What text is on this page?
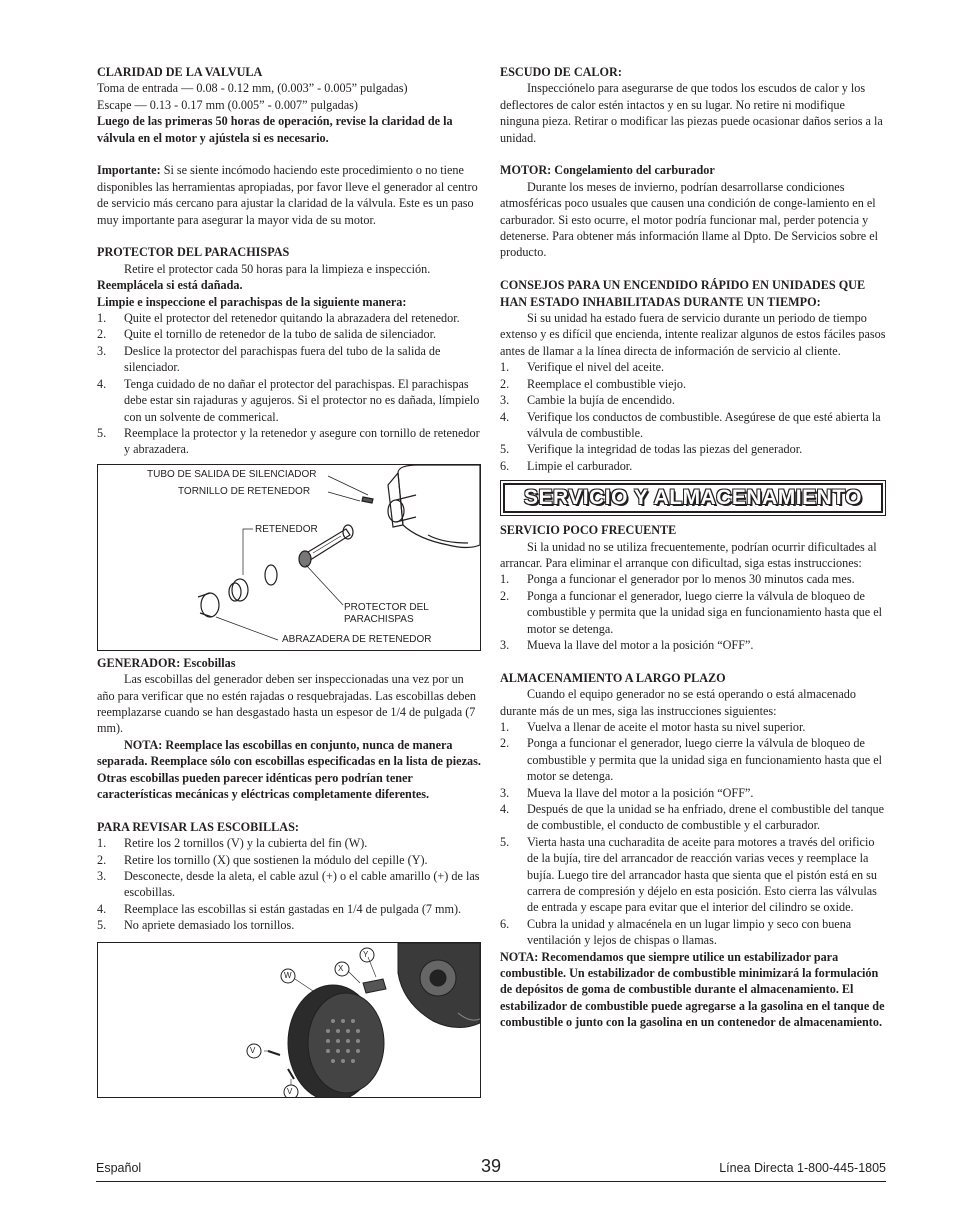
CLARIDAD DE LA VALVULA

Toma de entrada — 0.08 - 0.12 mm, (0.003” - 0.005” pulgadas)

Escape — 0.13 - 0.17 mm (0.005” - 0.007” pulgadas)

Luego de las primeras 50 horas de operación, revise la claridad de la válvula en el motor y ajústela si es necesario.

Importante: Si se siente incómodo haciendo este procedimiento o no tiene disponibles las herramientas apropiadas, por favor lleve el generador al centro de servicio más cercano para ajustar la claridad de la válvula. Este es un paso muy importante para asegurar la mayor vida de su motor.

PROTECTOR DEL PARACHISPAS

Retire el protector cada 50 horas para la limpieza e inspección.

Reemplácela si está dañada.

Limpie e inspeccione el parachispas de la siguiente manera:

1. Quite el protector del retenedor quitando la abrazadera del retenedor.
2. Quite el tornillo de retenedor de la tubo de salida de silenciador.
3. Deslice la protector del parachispas fuera del tubo de la salida de silenciador.
4. Tenga cuidado de no dañar el protector del parachispas. El parachispas debe estar sin rajaduras y agujeros. Si el protector no es dañada, límpielo con un solvente de commerical.
5. Reemplace la protector y la retenedor y asegure con tornillo de retenedor y abrazadera.
TUBO DE SALIDA DE SILENCIADOR
TORNILLO DE RETENEDOR
RETENEDOR
PROTECTOR DEL
PARACHISPAS
ABRAZADERA DE RETENEDOR

GENERADOR: Escobillas

Las escobillas del generador deben ser inspeccionadas una vez por un año para verificar que no estén rajadas o resquebrajadas. Las escobillas deben reemplazarse cuando se han desgastado hasta un espesor de 1/4 de pulgada (7 mm).

NOTA: Reemplace las escobillas en conjunto, nunca de manera separada. Reemplace sólo con escobillas especificadas en la lista de piezas. Otras escobillas pueden parecer idénticas pero podrían tener características mecánicas y eléctricas completamente diferentes.

PARA REVISAR LAS ESCOBILLAS:

1. Retire los 2 tornillos (V) y la cubierta del fin (W).
2. Retire los tornillo (X) que sostienen la módulo del cepille (Y).
3. Desconecte, desde la aleta, el cable azul (+) o el cable amarillo (+) de las escobillas.
4. Reemplace las escobillas si están gastadas en 1/4 de pulgada (7 mm).
5. No apriete demasiado los tornillos.
W
X
Y
V
V

ESCUDO DE CALOR:

Inspecciónelo para asegurarse de que todos los escudos de calor y los deflectores de calor estén intactos y en su lugar. No retire ni modifique ninguna pieza. Retirar o modificar las piezas puede ocasionar daños serios a la unidad.

MOTOR: Congelamiento del carburador

Durante los meses de invierno, podrían desarrollarse condiciones atmosféricas poco usuales que causen una condición de conge-lamiento en el carburador. Si esto ocurre, el motor podría funcionar mal, perder potencia y detenerse. Para obtener más información llame al Dpto. De Servicios sobre el producto.

CONSEJOS PARA UN ENCENDIDO RÁPIDO EN UNIDADES QUE HAN ESTADO INHABILITADAS DURANTE UN TIEMPO:

Si su unidad ha estado fuera de servicio durante un periodo de tiempo extenso y es difícil que encienda, intente realizar algunos de estos fáciles pasos antes de llamar a la línea directa de información de servicio al cliente.

1. Verifique el nivel del aceite.
2. Reemplace el combustible viejo.
3. Cambie la bujía de encendido.
4. Verifique los conductos de combustible. Asegúrese de que esté abierta la válvula de combustible.
5. Verifique la integridad de todas las piezas del generador.
6. Limpie el carburador.
SERVICIO Y ALMACENAMIENTO

SERVICIO POCO FRECUENTE

Si la unidad no se utiliza frecuentemente, podrían ocurrir dificultades al arrancar. Para eliminar el arranque con dificultad, siga estas instrucciones:

1. Ponga a funcionar el generador por lo menos 30 minutos cada mes.
2. Ponga a funcionar el generador, luego cierre la válvula de bloqueo de combustible y permita que la unidad siga en funcionamiento hasta que el motor se detenga.
3. Mueva la llave del motor a la posición “OFF”.

ALMACENAMIENTO A LARGO PLAZO

Cuando el equipo generador no se está operando o está almacenado durante más de un mes, siga las instrucciones siguientes:

1. Vuelva a llenar de aceite el motor hasta su nivel superior.
2. Ponga a funcionar el generador, luego cierre la válvula de bloqueo de combustible y permita que la unidad siga en funcionamiento hasta que el motor se detenga.
3. Mueva la llave del motor a la posición “OFF”.
4. Después de que la unidad se ha enfriado, drene el combustible del tanque de combustible, el conducto de combustible y el carburador.
5. Vierta hasta una cucharadita de aceite para motores a través del orificio de la bujía, tire del arrancador de reacción varias veces y reemplace la bujía. Luego tire del arrancador hasta que sienta que el pistón está en su carrera de compresión y déjelo en esta posición. Esto cierra las válvulas de entrada y escape para evitar que el interior del cilindro se oxide.
6. Cubra la unidad y almacénela en un lugar limpio y seco con buena ventilación y lejos de chispas o llamas.

NOTA: Recomendamos que siempre utilice un estabilizador para combustible. Un estabilizador de combustible minimizará la formulación de depósitos de goma de combustible durante el almacenamiento. El estabilizador de combustible puede agregarse a la gasolina en el tanque de combustible o junto con la gasolina en un contenedor de almacenamiento.

Español	39	Línea Directa 1-800-445-1805
